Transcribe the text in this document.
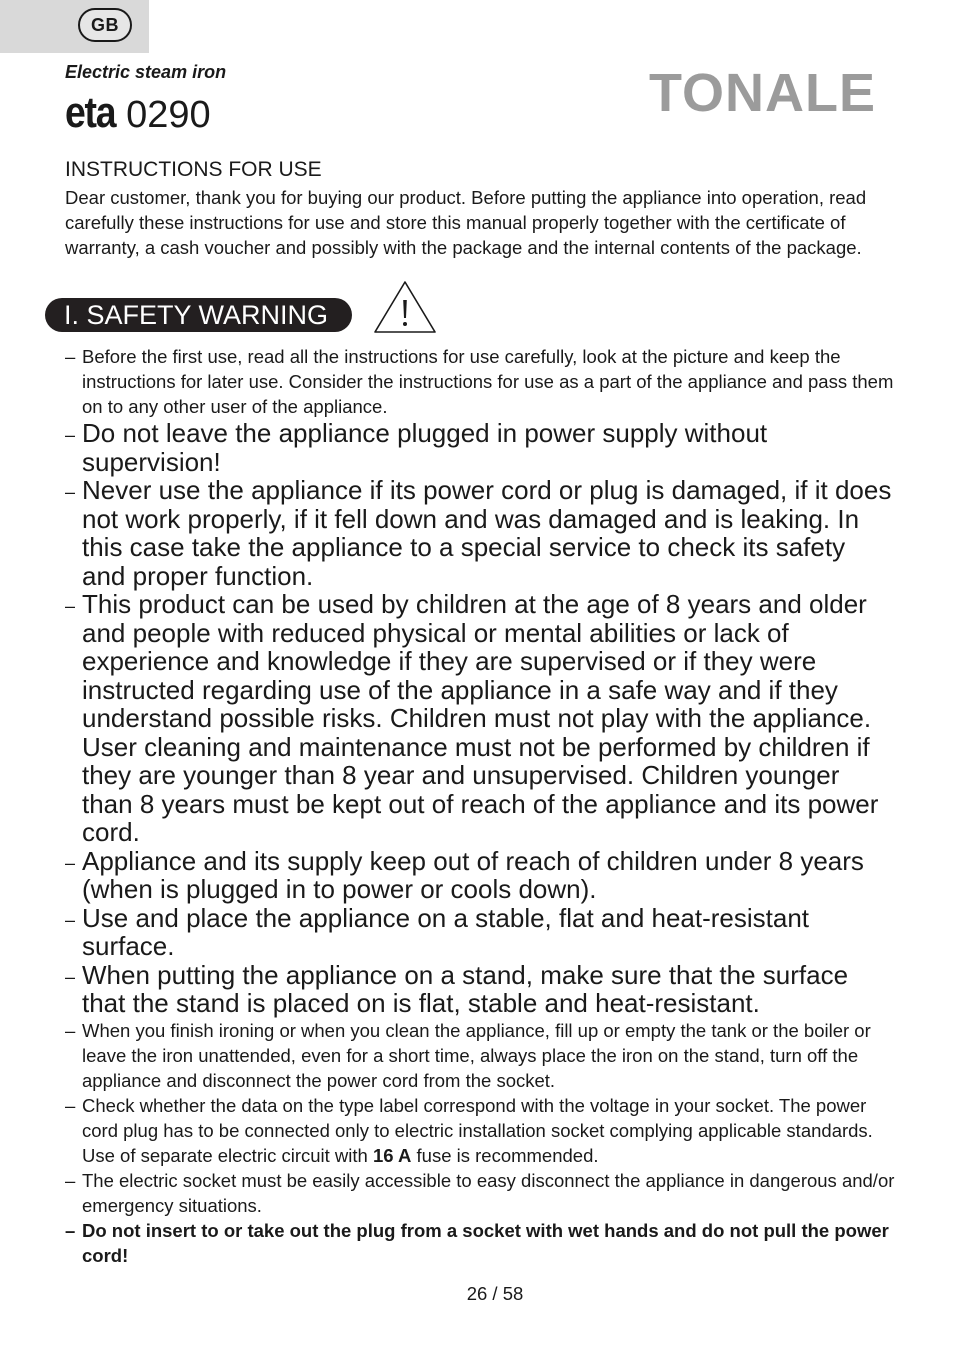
GB
Electric steam iron
eta 0290	TONALE
INSTRUCTIONS FOR USE
Dear customer, thank you for buying our product. Before putting the appliance into operation, read carefully these instructions for use and store this manual properly together with the certificate of warranty, a cash voucher and possibly with the package and the internal contents of the package.
I. SAFETY WARNING
– Before the first use, read all the instructions for use carefully, look at the picture and keep the instructions for later use. Consider the instructions for use as a part of the appliance and pass them on to any other user of the appliance.
– Do not leave the appliance plugged in power supply without supervision!
– Never use the appliance if its power cord or plug is damaged, if it does not work properly, if it fell down and was damaged and is leaking. In this case take the appliance to a special service to check its safety and proper function.
– This product can be used by children at the age of 8 years and older and people with reduced physical or mental abilities or lack of experience and knowledge if they are supervised or if they were instructed regarding use of the appliance in a safe way and if they understand possible risks. Children must not play with the appliance. User cleaning and maintenance must not be performed by children if they are younger than 8 year and unsupervised. Children younger than 8 years must be kept out of reach of the appliance and its power cord.
– Appliance and its supply keep out of reach of children under 8 years (when is plugged in to power or cools down).
– Use and place the appliance on a stable, flat and heat-resistant surface.
– When putting the appliance on a stand, make sure that the surface that the stand is placed on is flat, stable and heat-resistant.
– When you finish ironing or when you clean the appliance, fill up or empty the tank or the boiler or leave the iron unattended, even for a short time, always place the iron on the stand, turn off the appliance and disconnect the power cord from the socket.
– Check whether the data on the type label correspond with the voltage in your socket. The power cord plug has to be connected only to electric installation socket complying applicable standards. Use of separate electric circuit with 16 A fuse is recommended.
– The electric socket must be easily accessible to easy disconnect the appliance in dangerous and/or emergency situations.
– Do not insert to or take out the plug from a socket with wet hands and do not pull the power cord!
26 / 58
